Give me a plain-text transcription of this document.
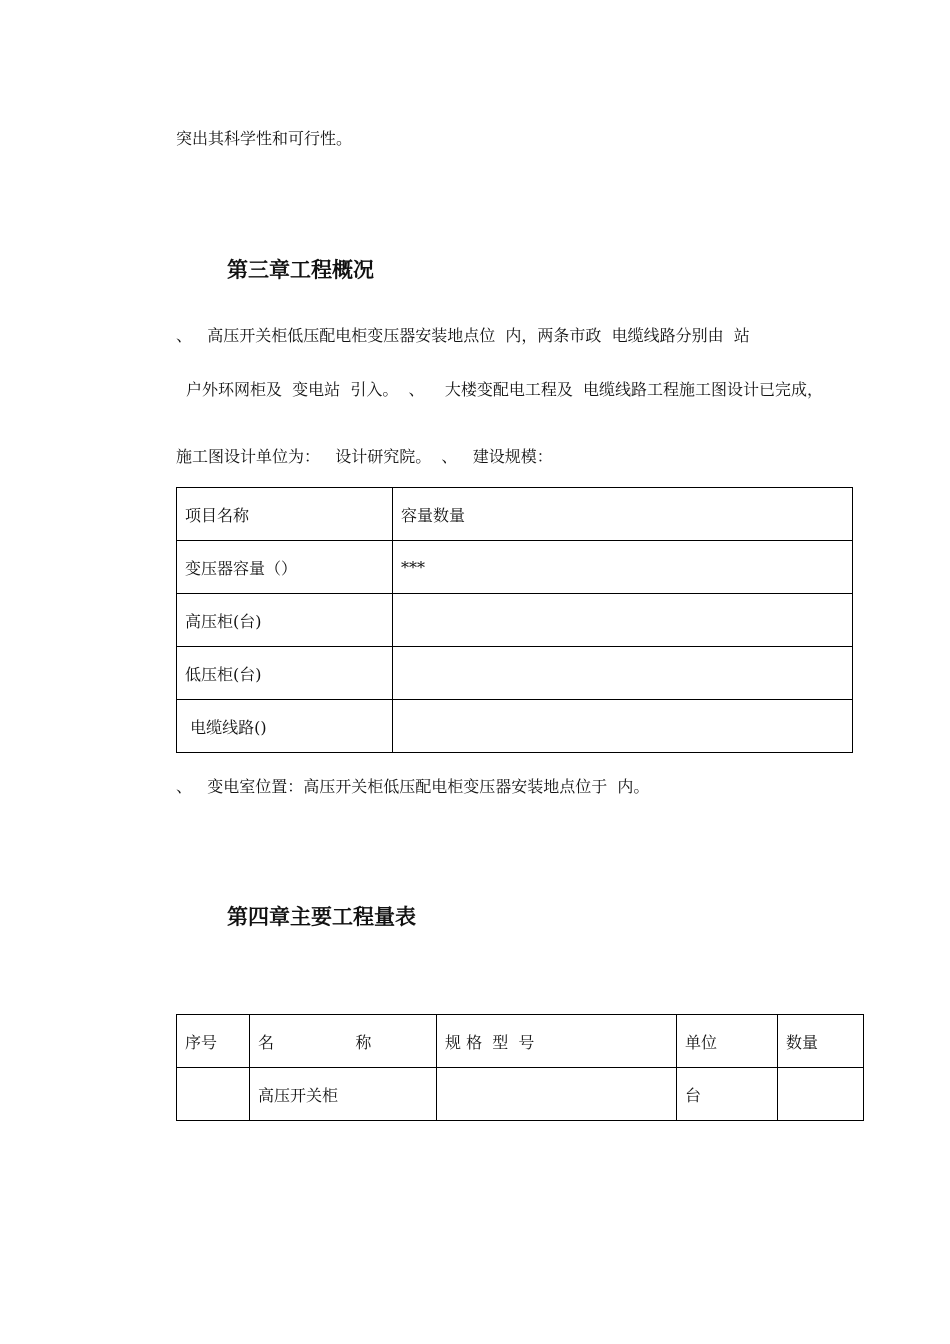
突出其科学性和可行性。
第三章工程概况
、   高压开关柜低压配电柜变压器安装地点位  内，两条市政  电缆线路分别由  站
户外环网柜及  变电站  引入。  、    大楼变配电工程及  电缆线路工程施工图设计已完成，
施工图设计单位为：   设计研究院。  、   建设规模：
项目名称	容量数量
变压器容量（）	***
高压柜(台)	
低压柜(台)	
电缆线路()	
、   变电室位置：高压开关柜低压配电柜变压器安装地点位于  内。
第四章主要工程量表
序号	名                称	规 格  型  号	单位	数量
	高压开关柜		台	
